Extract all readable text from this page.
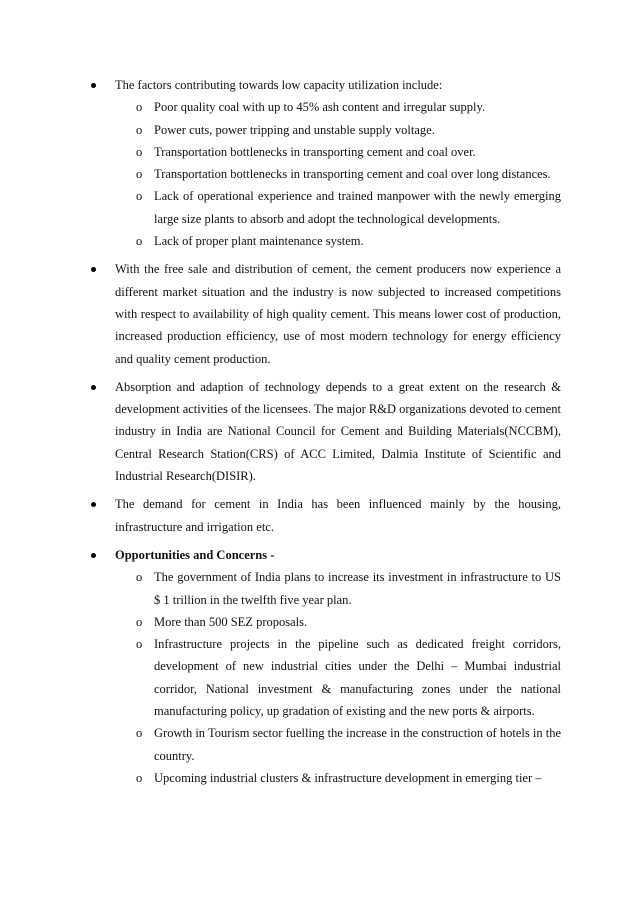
The factors contributing towards low capacity utilization include:
o Poor quality coal with up to 45% ash content and irregular supply.
o Power cuts, power tripping and unstable supply voltage.
o Transportation bottlenecks in transporting cement and coal over.
o Transportation bottlenecks in transporting cement and coal over long distances.
o Lack of operational experience and trained manpower with the newly emerging large size plants to absorb and adopt the technological developments.
o Lack of proper plant maintenance system.
With the free sale and distribution of cement, the cement producers now experience a different market situation and the industry is now subjected to increased competitions with respect to availability of high quality cement. This means lower cost of production, increased production efficiency, use of most modern technology for energy efficiency and quality cement production.
Absorption and adaption of technology depends to a great extent on the research & development activities of the licensees. The major R&D organizations devoted to cement industry in India are National Council for Cement and Building Materials(NCCBM), Central Research Station(CRS) of ACC Limited, Dalmia Institute of Scientific and Industrial Research(DISIR).
The demand for cement in India has been influenced mainly by the housing, infrastructure and irrigation etc.
Opportunities and Concerns -
o The government of India plans to increase its investment in infrastructure to US $ 1 trillion in the twelfth five year plan.
o More than 500 SEZ proposals.
o Infrastructure projects in the pipeline such as dedicated freight corridors, development of new industrial cities under the Delhi – Mumbai industrial corridor, National investment & manufacturing zones under the national manufacturing policy, up gradation of existing and the new ports & airports.
o Growth in Tourism sector fuelling the increase in the construction of hotels in the country.
o Upcoming industrial clusters & infrastructure development in emerging tier –
